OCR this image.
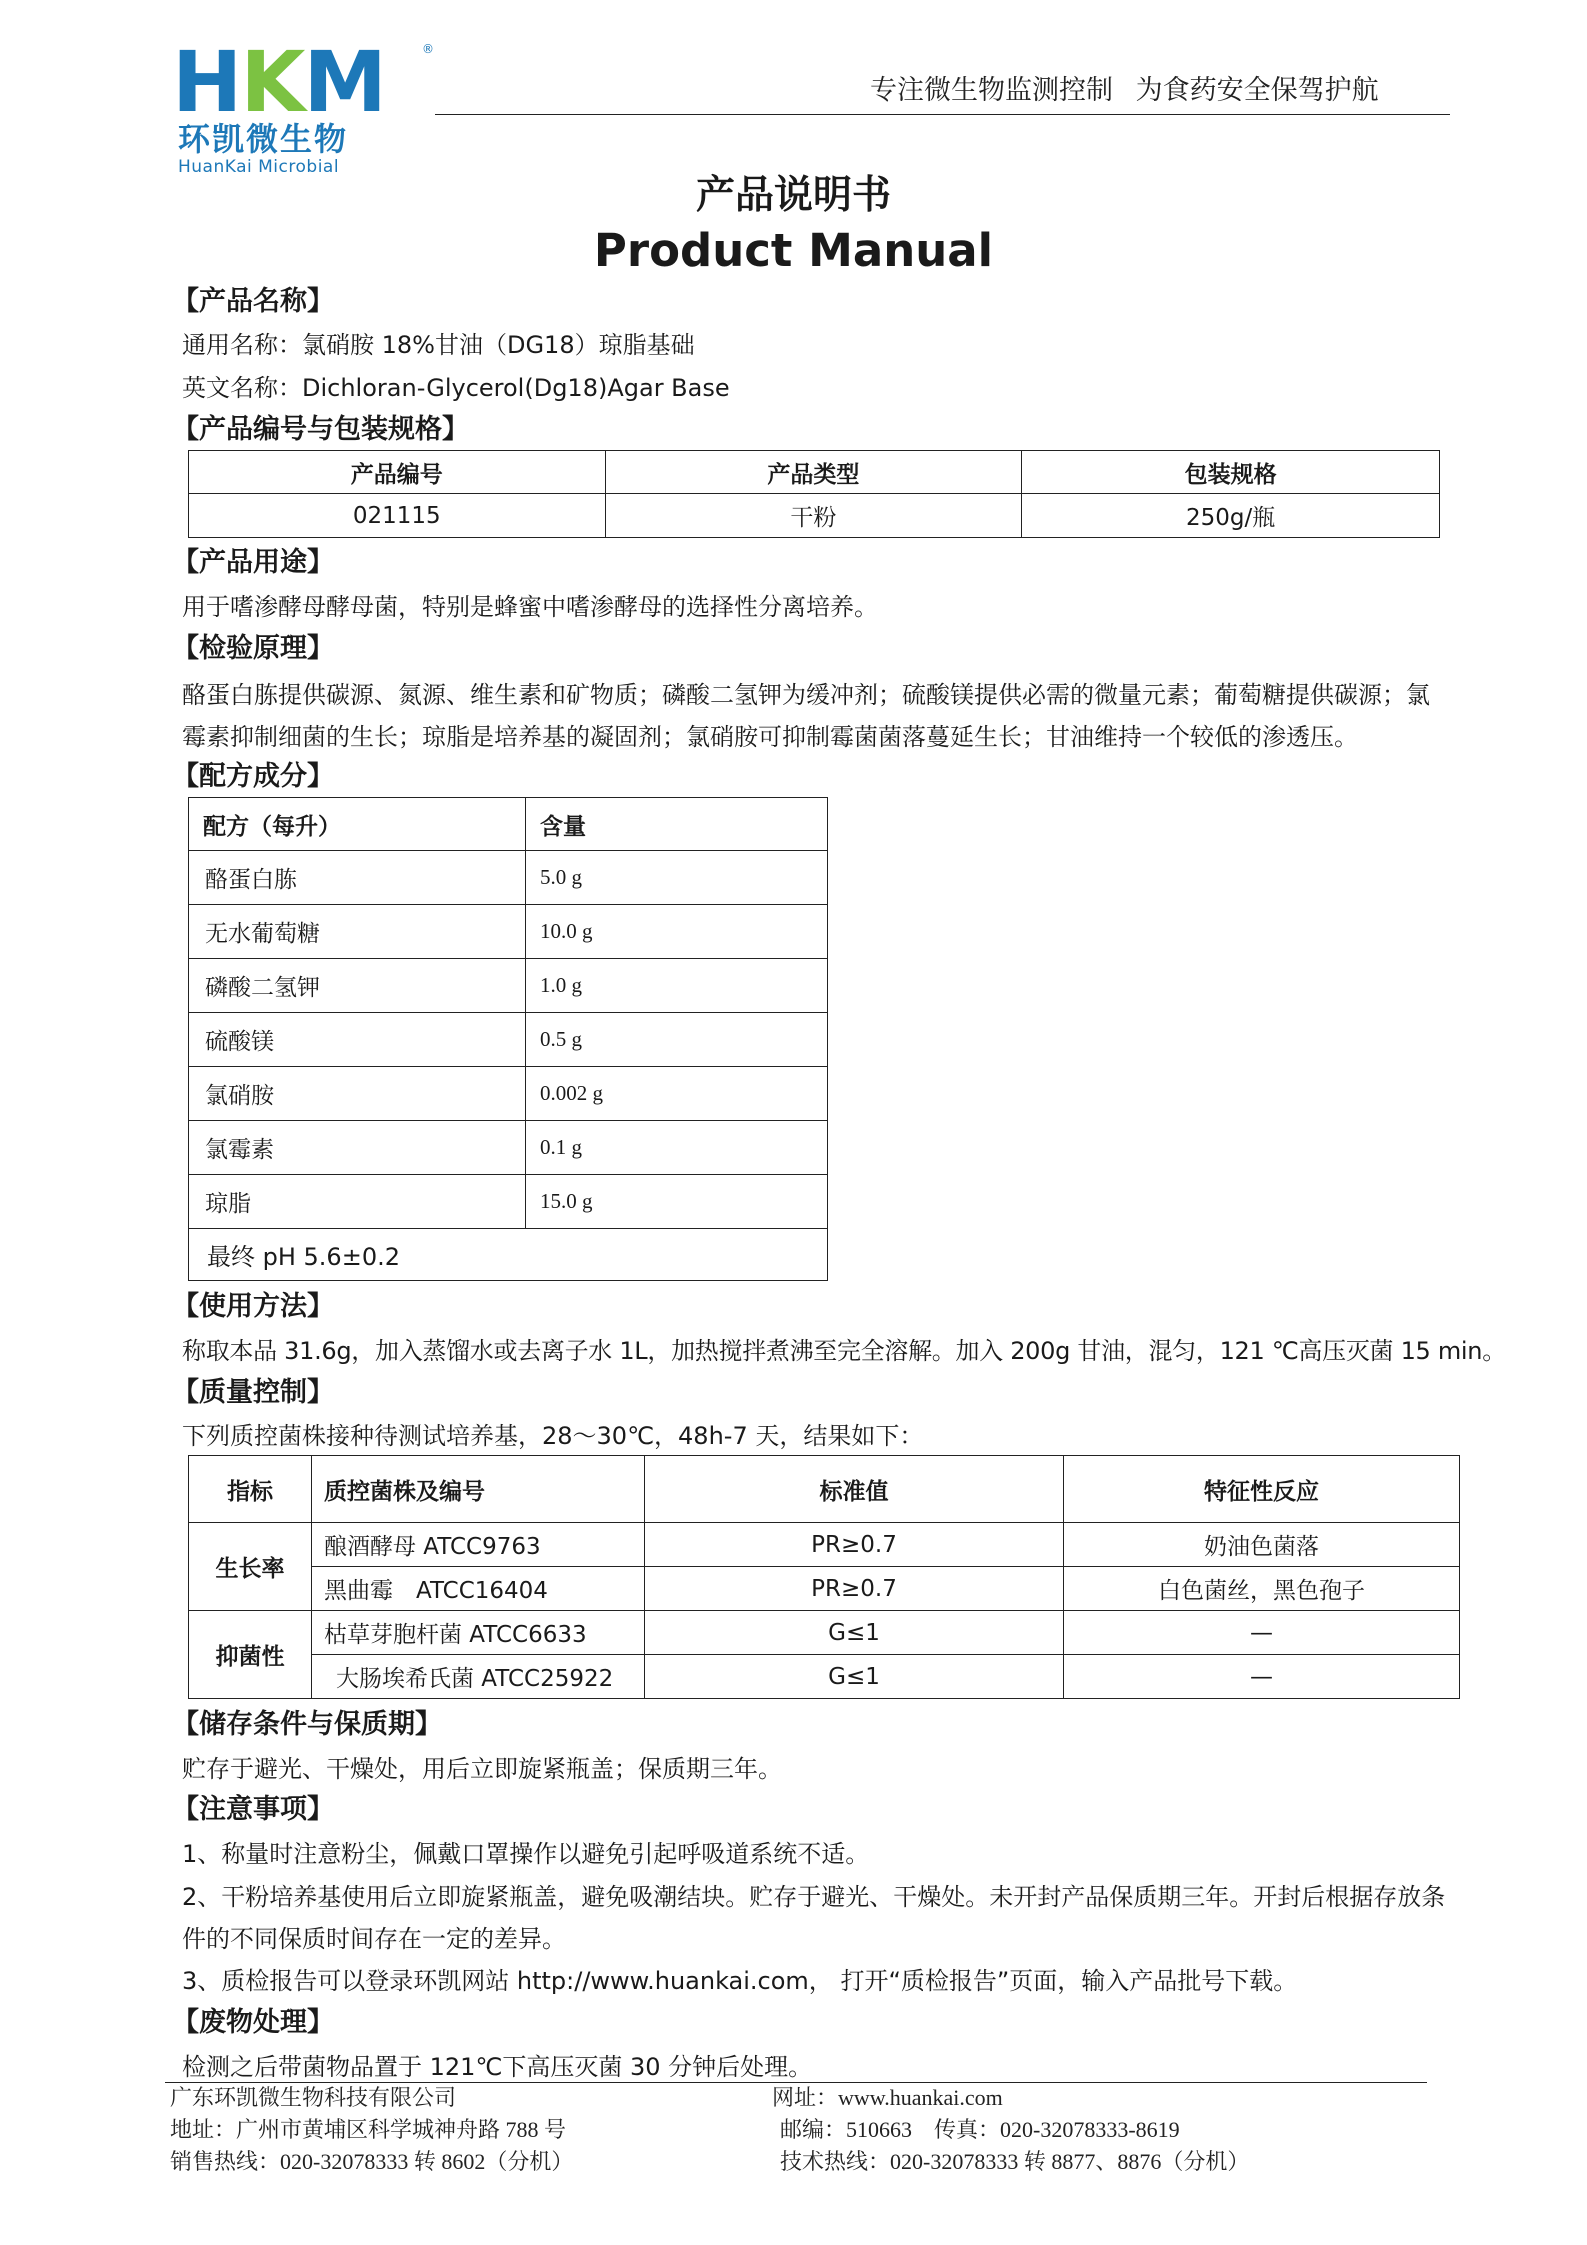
HKM	®
环凯微生物
HuanKai Microbial
专注微生物监测控制 为食药安全保驾护航
产品说明书
Product Manual
【产品名称】
通用名称：氯硝胺 18%甘油（DG18）琼脂基础
英文名称：Dichloran-Glycerol(Dg18)Agar Base
【产品编号与包装规格】
产品编号	产品类型	包装规格
021115	干粉	250g/瓶
【产品用途】
用于嗜渗酵母酵母菌，特别是蜂蜜中嗜渗酵母的选择性分离培养。
【检验原理】
酪蛋白胨提供碳源、氮源、维生素和矿物质；磷酸二氢钾为缓冲剂；硫酸镁提供必需的微量元素；葡萄糖提供碳源；氯霉素抑制细菌的生长；琼脂是培养基的凝固剂；氯硝胺可抑制霉菌菌落蔓延生长；甘油维持一个较低的渗透压。
【配方成分】
配方（每升）	含量
酪蛋白胨	5.0 g
无水葡萄糖	10.0 g
磷酸二氢钾	1.0 g
硫酸镁	0.5 g
氯硝胺	0.002 g
氯霉素	0.1 g
琼脂	15.0 g
最终 pH 5.6±0.2	
【使用方法】
称取本品 31.6g，加入蒸馏水或去离子水 1L，加热搅拌煮沸至完全溶解。加入 200g 甘油，混匀，121 ℃高压灭菌 15 min。
【质量控制】
下列质控菌株接种待测试培养基，28～30℃，48h-7 天，结果如下：
指标	质控菌株及编号	标准值	特征性反应
生长率	酿酒酵母 ATCC9763	PR≥0.7	奶油色菌落
	黑曲霉　ATCC16404	PR≥0.7	白色菌丝，黑色孢子
抑菌性	枯草芽胞杆菌 ATCC6633	G≤1	—
	大肠埃希氏菌 ATCC25922	G≤1	—
【储存条件与保质期】
贮存于避光、干燥处，用后立即旋紧瓶盖；保质期三年。
【注意事项】
1、称量时注意粉尘，佩戴口罩操作以避免引起呼吸道系统不适。
2、干粉培养基使用后立即旋紧瓶盖，避免吸潮结块。贮存于避光、干燥处。未开封产品保质期三年。开封后根据存放条件的不同保质时间存在一定的差异。
3、质检报告可以登录环凯网站 http://www.huankai.com， 打开“质检报告”页面，输入产品批号下载。
【废物处理】
检测之后带菌物品置于 121℃下高压灭菌 30 分钟后处理。
广东环凯微生物科技有限公司	网址：www.huankai.com
地址：广州市黄埔区科学城神舟路 788 号	邮编：510663    传真：020-32078333-8619
销售热线：020-32078333 转 8602（分机）	技术热线：020-32078333 转 8877、8876（分机）
